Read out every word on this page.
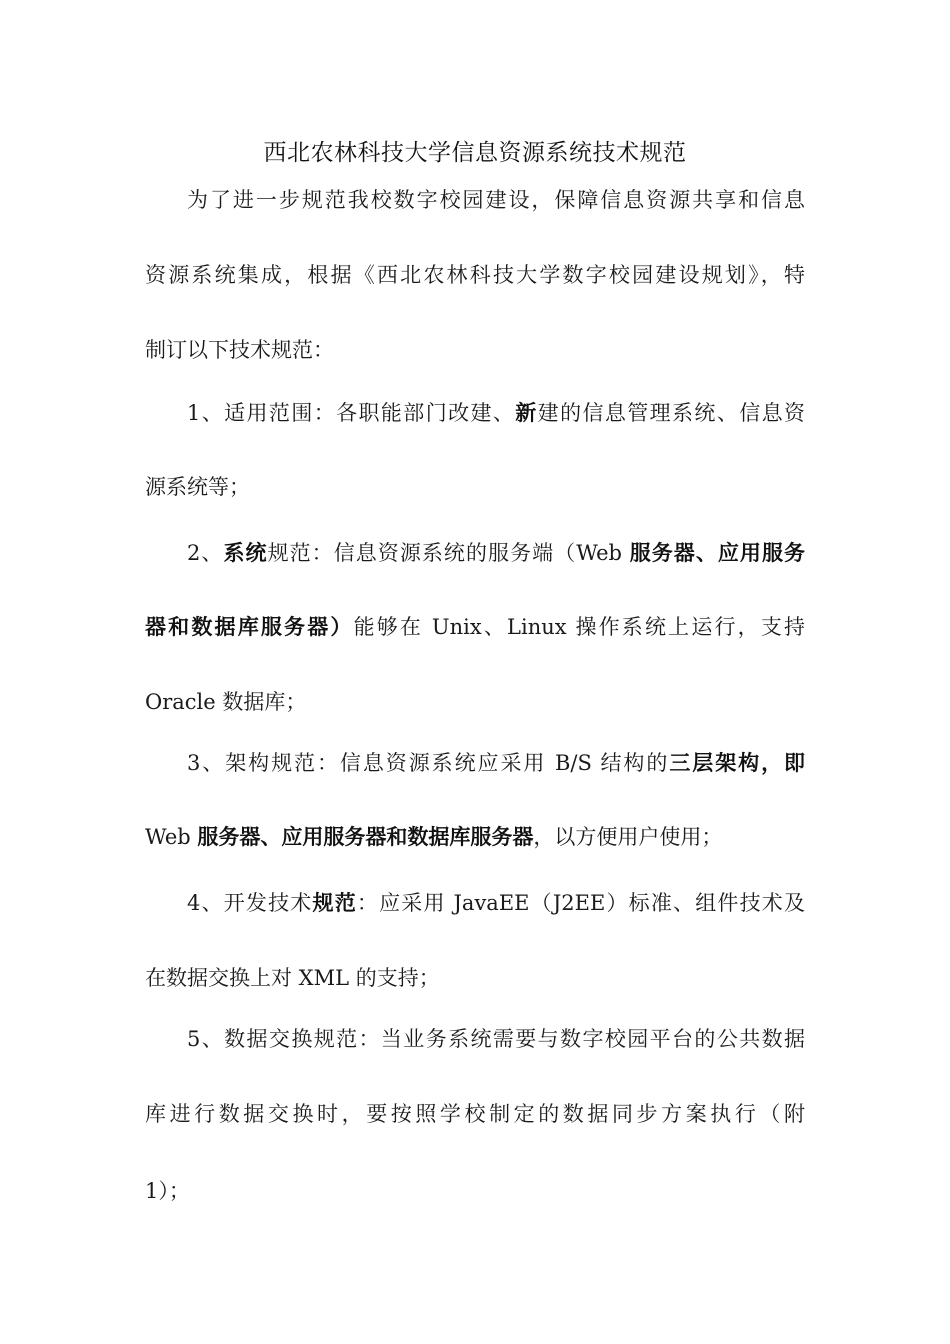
西北农林科技大学信息资源系统技术规范
为了进一步规范我校数字校园建设，保障信息资源共享和信息
资源系统集成，根据《西北农林科技大学数字校园建设规划》，特
制订以下技术规范：
1、适用范围：各职能部门改建、新建的信息管理系统、信息资
源系统等；
2、系统规范：信息资源系统的服务端（Web 服务器、应用服务
器和数据库服务器）能够在 Unix、Linux 操作系统上运行，支持
Oracle 数据库；
3、架构规范：信息资源系统应采用 B/S 结构的三层架构，即
Web 服务器、应用服务器和数据库服务器，以方便用户使用；
4、开发技术规范：应采用 JavaEE（J2EE）标准、组件技术及
在数据交换上对 XML 的支持；
5、数据交换规范：当业务系统需要与数字校园平台的公共数据
库进行数据交换时，要按照学校制定的数据同步方案执行（附
1）；
